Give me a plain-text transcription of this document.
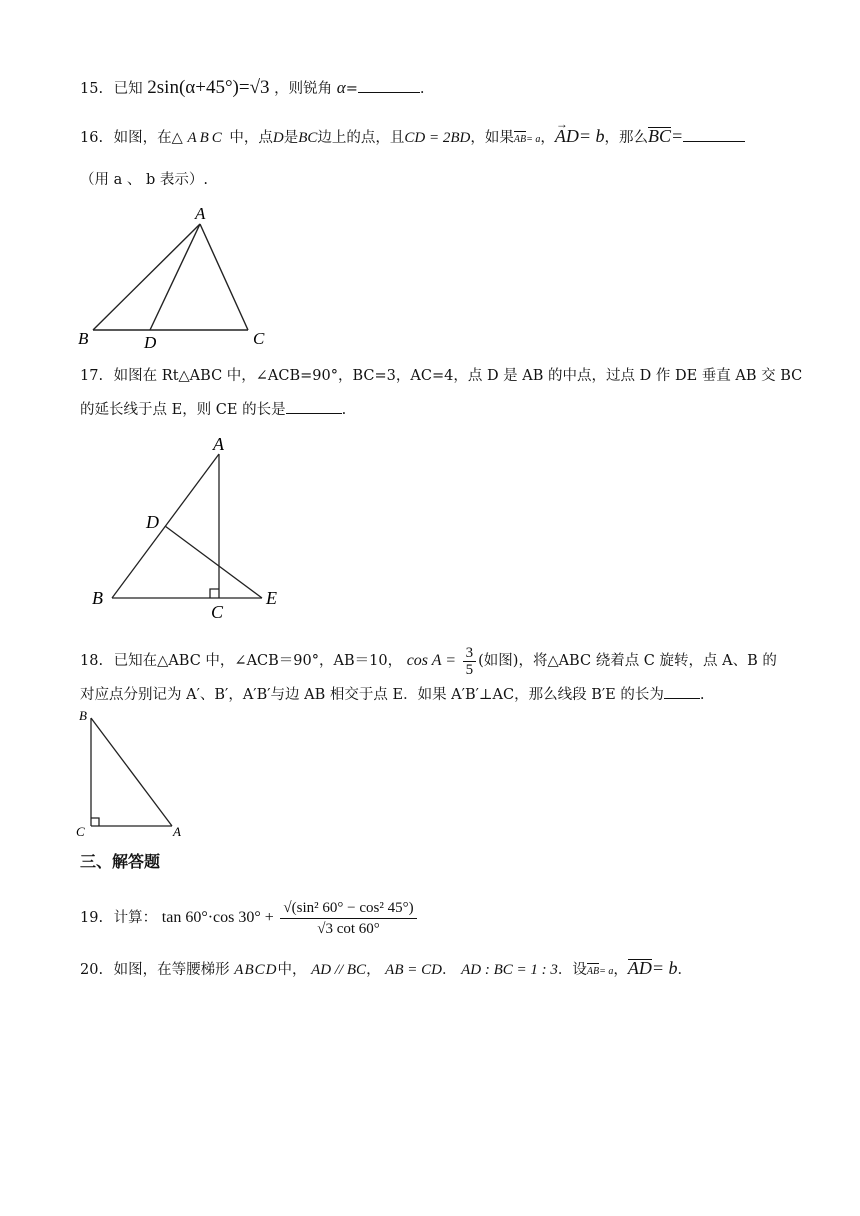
15. 已知 2sin(α+45°)=√3 ，则锐角 α=	.
16. 如图，在△ ABC 中，点D是BC边上的点，且CD = 2BD，如果AB= a，AD →= b，那么BC=
（用 a 、 b 表示）.
A
B	C
D
17. 如图在 Rt△ABC 中，∠ACB=90°，BC=3，AC=4，点 D 是 AB 的中点，过点 D 作 DE 垂直 AB 交 BC
的延长线于点 E，则 CE 的长是	.
A
B
C
D
E
18. 已知在△ABC 中，∠ACB＝90°，AB＝10， $\cos A = \frac{3}{5}$ (如图)，将△ABC 绕着点 C 旋转，点 A、B 的
对应点分别记为 A′、B′，A′B′与边 AB 相交于点 E．如果 A′B′⊥AC，那么线段 B′E 的长为 .
B
C	A
三、解答题
19. 计算： tan 60°·cos $30^\circ + \frac{\text{√(sin² 60° − cos² 45°)}}{√3 \cot 60^\circ}$
20. 如图，在等腰梯形 ABCD中， AD // BC， AB = CD． AD : BC = 1 : 3．设AB= a，AD= b．
